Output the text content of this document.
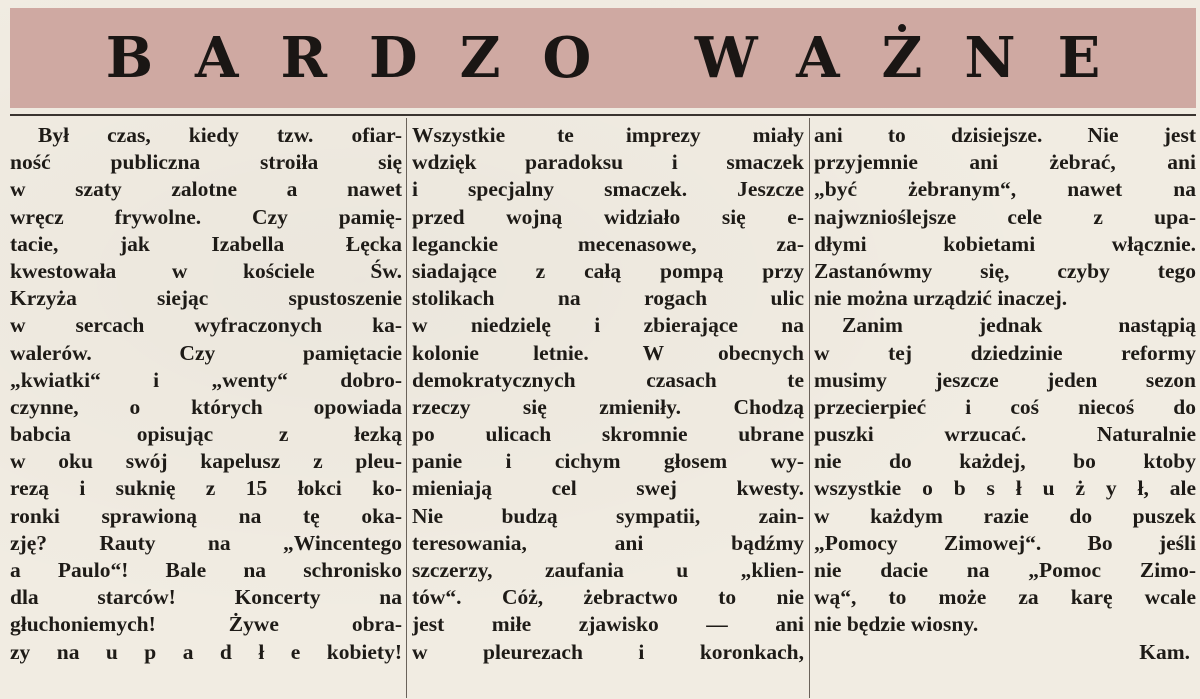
BARDZO WAŻNE
Był czas, kiedy tzw. ofiar-
ność publiczna stroiła się
w szaty zalotne a nawet
wręcz frywolne. Czy pamię-
tacie, jak Izabella Łęcka
kwestowała w kościele Św.
Krzyża siejąc spustoszenie
w sercach wyfraczonych ka-
walerów. Czy pamiętacie
„kwiatki“ i „wenty“ dobro-
czynne, o których opowiada
babcia opisując z łezką
w oku swój kapelusz z pleu-
rezą i suknię z 15 łokci ko-
ronki sprawioną na tę oka-
zję? Rauty na „Wincentego
a Paulo“! Bale na schronisko
dla starców! Koncerty na
głuchoniemych! Żywe obra-
zy na u p a d ł e kobiety!
Wszystkie te imprezy miały
wdzięk paradoksu i smaczek
i specjalny smaczek. Jeszcze
przed wojną widziało się e-
leganckie mecenasowe, za-
siadające z całą pompą przy
stolikach na rogach ulic
w niedzielę i zbierające na
kolonie letnie. W obecnych
demokratycznych czasach te
rzeczy się zmieniły. Chodzą
po ulicach skromnie ubrane
panie i cichym głosem wy-
mieniają cel swej kwesty.
Nie budzą sympatii, zain-
teresowania, ani bądźmy
szczerzy, zaufania u „klien-
tów“. Cóż, żebractwo to nie
jest miłe zjawisko — ani
w pleurezach i koronkach,
ani to dzisiejsze. Nie jest
przyjemnie ani żebrać, ani
„być żebranym“, nawet na
najwznioślejsze cele z upa-
dłymi kobietami włącznie.
Zastanówmy się, czyby tego
nie można urządzić inaczej.
Zanim jednak nastąpią
w tej dziedzinie reformy
musimy jeszcze jeden sezon
przecierpieć i coś niecoś do
puszki wrzucać. Naturalnie
nie do każdej, bo ktoby
wszystkie o b s ł u ż y ł, ale
w każdym razie do puszek
„Pomocy Zimowej“. Bo jeśli
nie dacie na „Pomoc Zimo-
wą“, to może za karę wcale
nie będzie wiosny.
Kam.
